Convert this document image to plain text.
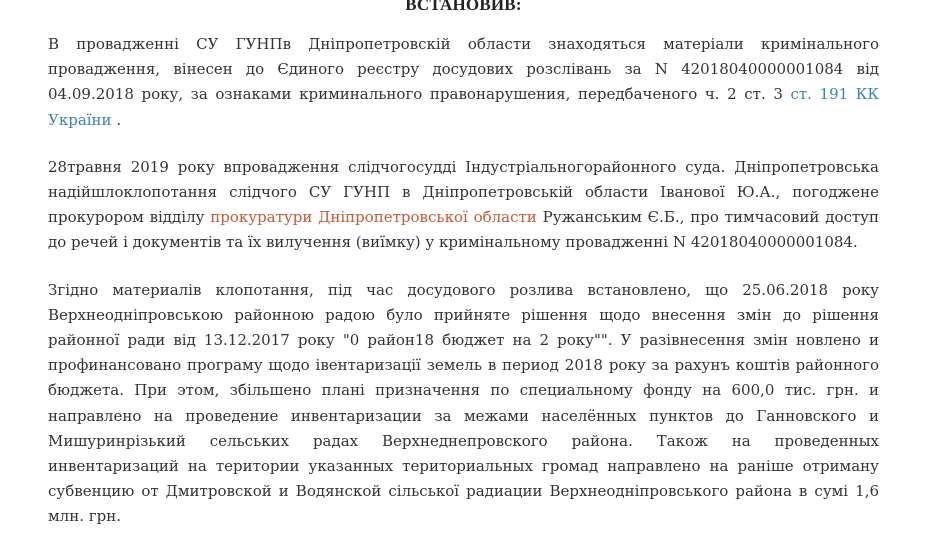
ВСТАНОВИВ:

В провадженні СУ ГУНПв Дніпропетровскій области знаходяться матеріали кримінального провадження, вінесен до Єдиного реєстру досудових розслівань за N 42018040000001084 від 04.09.2018 року, за ознаками криминального правонарушения, передбаченого ч. 2 ст. 3 ст. 191 КК України .

28травня 2019 року впровадження слідчогосудді Індустріальногорайонного суда. Дніпропетровська надійшлоклопотання слідчого СУ ГУНП в Дніпропетровській области Іванової Ю.А., погоджене прокурором відділу прокуратури Дніпропетровської области Ружанським Є.Б., про тимчасовий доступ до речей і документів та їх вилучення (виїмку) у кримінальному провадженні N 42018040000001084.

Згідно материалів клопотання, під час досудового розлива встановлено, що 25.06.2018 року Верхнеодніпровською районною радою було прийняте рішення щодо внесення змін до рішення районної ради від 13.12.2017 року "0 район18 бюджет на 2 року"". У разівнесення змін новлено и профинансовано програму щодо івентаризації земель в период 2018 року за рахунъ коштів районного бюджета. При этом, збільшено плані призначення по специальному фонду на 600,0 тис. грн. и направлено на проведение инвентаризации за межами населённых пунктов до Ганновского и Мишуринрізький сельських радах Верхнеднепровского района. Також на проведенных инвентаризаций на територии указанных териториальных громад направлено на раніше отриману субвенцию от Дмитровской и Водянской сільської радиации Верхнеодніпровського района в сумі 1,6 млн. грн.
